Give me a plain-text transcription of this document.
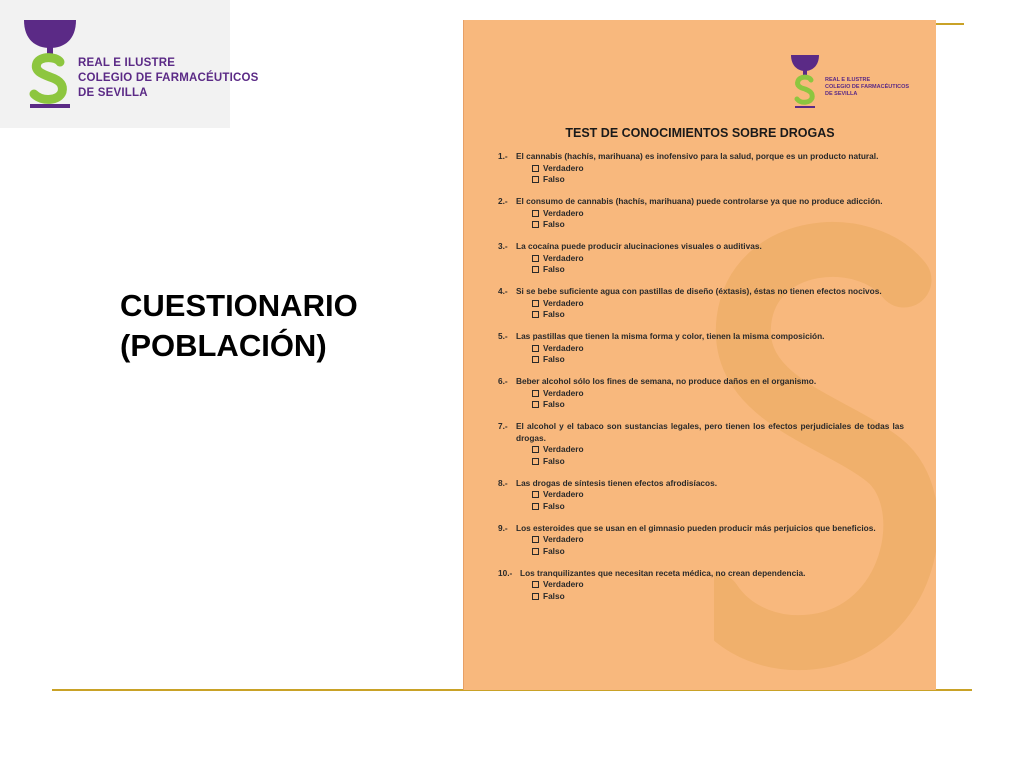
REAL E ILUSTRE
COLEGIO DE FARMACÉUTICOS
DE SEVILLA
CUESTIONARIO
(POBLACIÓN)
REAL E ILUSTRE
COLEGIO DE FARMACÉUTICOS
DE SEVILLA
TEST DE CONOCIMIENTOS SOBRE DROGAS
1.-	El cannabis (hachís, marihuana) es inofensivo para la salud, porque es un producto natural.
Verdadero
Falso
2.-	El consumo de cannabis (hachís, marihuana) puede controlarse ya que no produce adicción.
Verdadero
Falso
3.-	La cocaína puede producir alucinaciones visuales o auditivas.
Verdadero
Falso
4.-	Si se bebe suficiente agua con pastillas de diseño (éxtasis), éstas no tienen efectos nocivos.
Verdadero
Falso
5.-	Las pastillas que tienen la misma forma y color, tienen la misma composición.
Verdadero
Falso
6.-	Beber alcohol sólo los fines de semana, no produce daños en el organismo.
Verdadero
Falso
7.-	El alcohol y el tabaco son sustancias legales, pero tienen los efectos perjudiciales de todas las drogas.
Verdadero
Falso
8.-	Las drogas de síntesis tienen efectos afrodisíacos.
Verdadero
Falso
9.-	Los esteroides que se usan en el gimnasio pueden producir más perjuicios que beneficios.
Verdadero
Falso
10.- Los tranquilizantes que necesitan receta médica, no crean dependencia.
Verdadero
Falso
